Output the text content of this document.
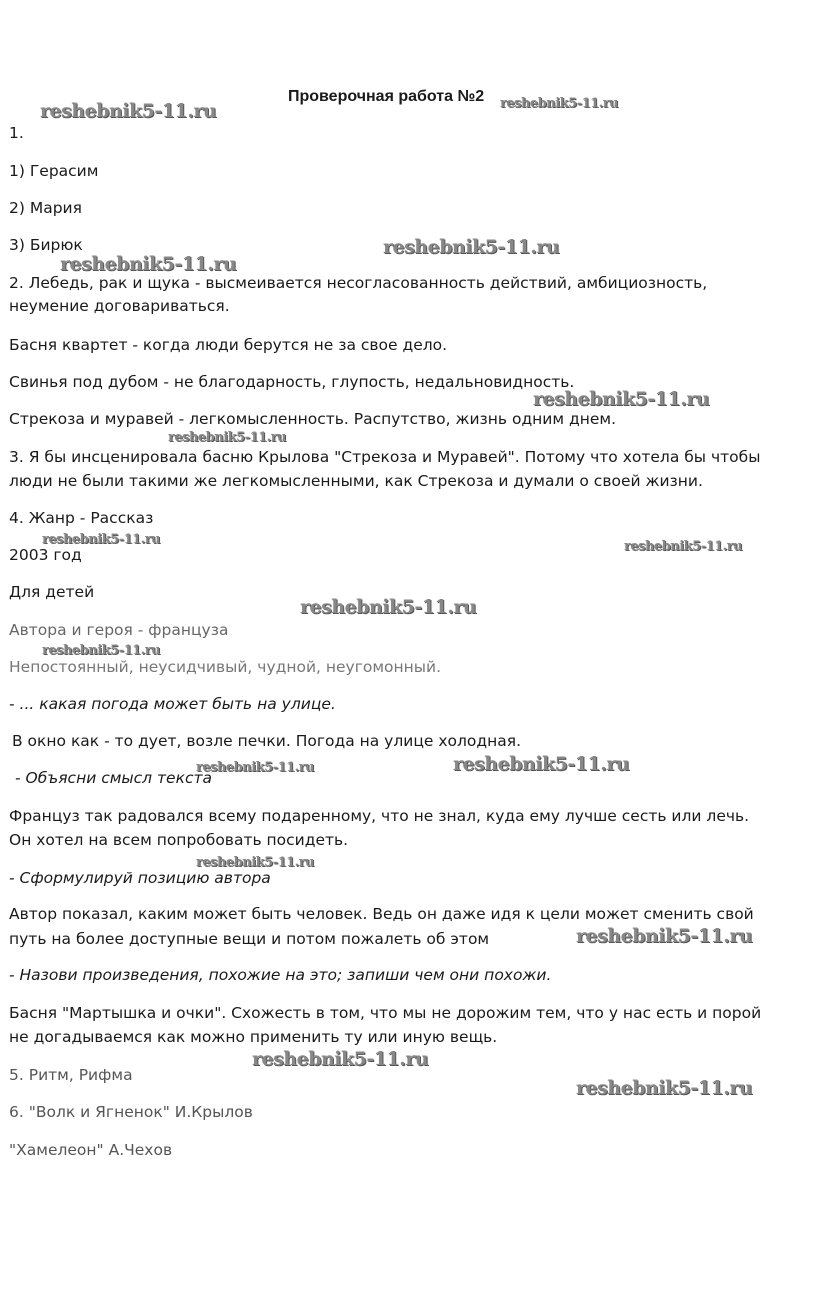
Проверочная работа №2
1.
1) Герасим
2) Мария
3) Бирюк
2. Лебедь, рак и щука - высмеивается несогласованность действий, амбициозность,
неумение договариваться.
Басня квартет - когда люди берутся не за свое дело.
Свинья под дубом - не благодарность, глупость, недальновидность.
Стрекоза и муравей - легкомысленность. Распутство, жизнь одним днем.
3. Я бы инсценировала басню Крылова "Стрекоза и Муравей". Потому что хотела бы чтобы
люди не были такими же легкомысленными, как Стрекоза и думали о своей жизни.
4. Жанр - Рассказ
2003 год
Для детей
Автора и героя - француза
Непостоянный, неусидчивый, чудной, неугомонный.
- ... какая погода может быть на улице.
В окно как - то дует, возле печки. Погода на улице холодная.
- Объясни смысл текста
Француз так радовался всему подаренному, что не знал, куда ему лучше сесть или лечь.
Он хотел на всем попробовать посидеть.
- Сформулируй позицию автора
Автор показал, каким может быть человек. Ведь он даже идя к цели может сменить свой
путь на более доступные вещи и потом пожалеть об этом
- Назови произведения, похожие на это; запиши чем они похожи.
Басня "Мартышка и очки". Схожесть в том, что мы не дорожим тем, что у нас есть и порой
не догадываемся как можно применить ту или иную вещь.
5. Ритм, Рифма
6. "Волк и Ягненок" И.Крылов
"Хамелеон" А.Чехов
reshebnik5-11.ru	reshebnik5-11.ru
reshebnik5-11.ru
reshebnik5-11.ru
reshebnik5-11.ru
reshebnik5-11.ru
reshebnik5-11.ru	reshebnik5-11.ru
reshebnik5-11.ru
reshebnik5-11.ru
reshebnik5-11.ru
reshebnik5-11.ru
reshebnik5-11.ru
reshebnik5-11.ru
reshebnik5-11.ru
reshebnik5-11.ru
